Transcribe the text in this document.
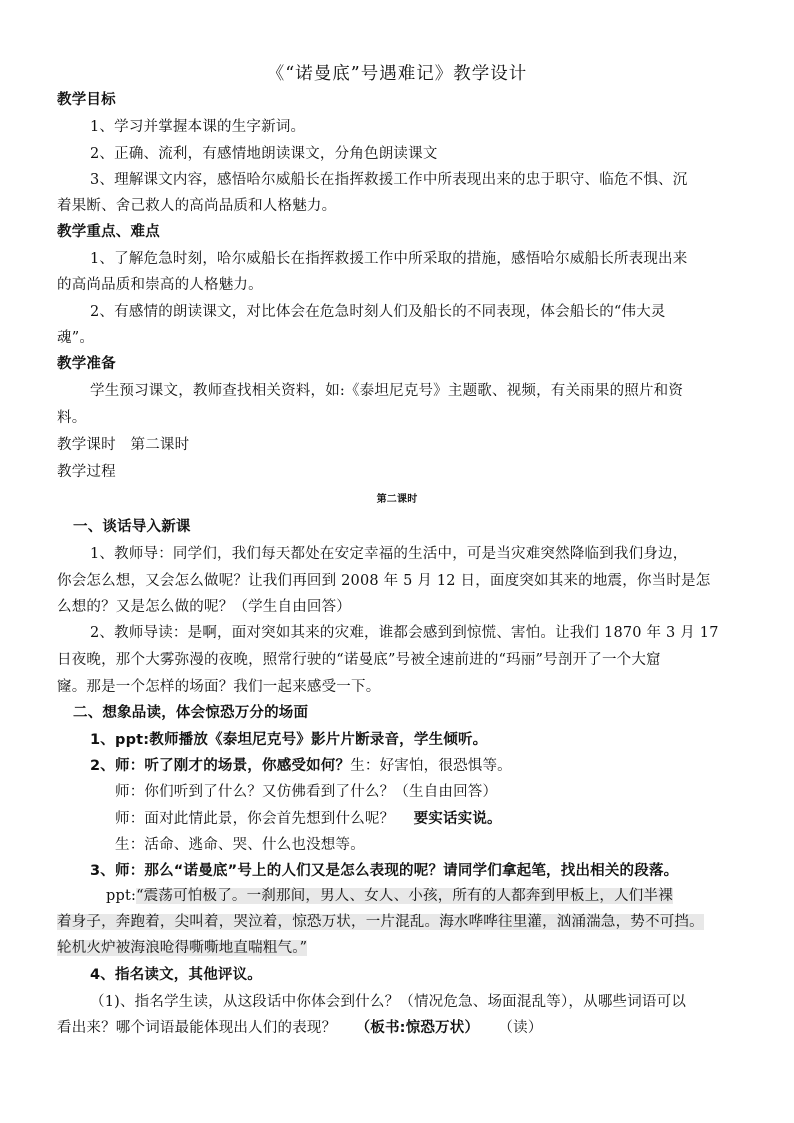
《“诺曼底”号遇难记》教学设计
教学目标
1、学习并掌握本课的生字新词。
2、正确、流利，有感情地朗读课文，分角色朗读课文
3、理解课文内容，感悟哈尔威船长在指挥救援工作中所表现出来的忠于职守、临危不惧、沉
着果断、舍己救人的高尚品质和人格魅力。
教学重点、难点
1、了解危急时刻，哈尔威船长在指挥救援工作中所采取的措施，感悟哈尔威船长所表现出来
的高尚品质和崇高的人格魅力。
2、有感情的朗读课文，对比体会在危急时刻人们及船长的不同表现，体会船长的“伟大灵
魂”。
教学准备
学生预习课文，教师查找相关资料，如:《泰坦尼克号》主题歌、视频，有关雨果的照片和资
料。
教学课时　第二课时
教学过程
第二课时
一、谈话导入新课
1、教师导：同学们，我们每天都处在安定幸福的生活中，可是当灾难突然降临到我们身边，
你会怎么想，又会怎么做呢？让我们再回到 2008 年 5 月 12 日，面度突如其来的地震，你当时是怎
么想的？又是怎么做的呢？（学生自由回答）
2、教师导读：是啊，面对突如其来的灾难，谁都会感到到惊慌、害怕。让我们 1870 年 3 月 17
日夜晚，那个大雾弥漫的夜晚，照常行驶的“诺曼底”号被全速前进的“玛丽”号剖开了一个大窟
窿。那是一个怎样的场面？我们一起来感受一下。
二、想象品读，体会惊恐万分的场面
1、ppt:教师播放《泰坦尼克号》影片片断录音，学生倾听。
2、师：听了刚才的场景，你感受如何？生：好害怕，很恐惧等。
师：你们听到了什么？又仿佛看到了什么？（生自由回答）
师：面对此情此景，你会首先想到什么呢？ 要实话实说。
生：活命、逃命、哭、什么也没想等。
3、师：那么“诺曼底”号上的人们又是怎么表现的呢？请同学们拿起笔，找出相关的段落。
ppt:“震荡可怕极了。一刹那间，男人、女人、小孩，所有的人都奔到甲板上，人们半裸
着身子，奔跑着，尖叫着，哭泣着，惊恐万状，一片混乱。海水哗哗往里灌，汹涌湍急，势不可挡。
轮机火炉被海浪呛得嘶嘶地直喘粗气。”
4、指名读文，其他评议。
（1)、指名学生读，从这段话中你体会到什么？（情况危急、场面混乱等），从哪些词语可以
看出来？哪个词语最能体现出人们的表现？ （板书:惊恐万状） （读）
